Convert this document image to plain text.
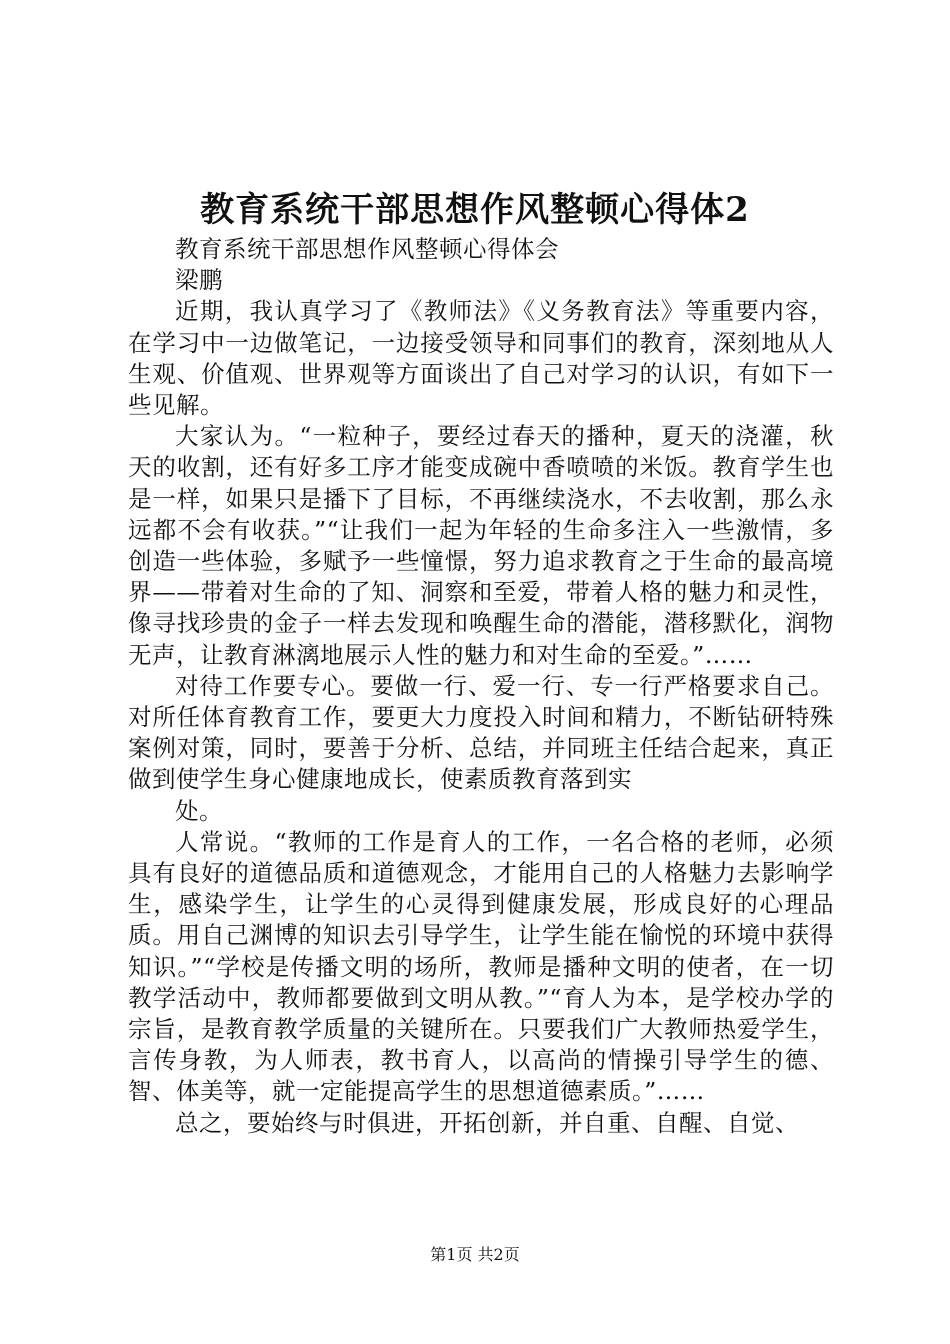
教育系统干部思想作风整顿心得体2

教育系统干部思想作风整顿心得体会

梁鹏

近期，我认真学习了《教师法》《义务教育法》等重要内容，在学习中一边做笔记，一边接受领导和同事们的教育，深刻地从人生观、价值观、世界观等方面谈出了自己对学习的认识，有如下一些见解。

大家认为。“一粒种子，要经过春天的播种，夏天的浇灌，秋天的收割，还有好多工序才能变成碗中香喷喷的米饭。教育学生也是一样，如果只是播下了目标，不再继续浇水，不去收割，那么永远都不会有收获。”“让我们一起为年轻的生命多注入一些激情，多创造一些体验，多赋予一些憧憬，努力追求教育之于生命的最高境界——带着对生命的了知、洞察和至爱，带着人格的魅力和灵性，像寻找珍贵的金子一样去发现和唤醒生命的潜能，潜移默化，润物无声，让教育淋漓地展示人性的魅力和对生命的至爱。”……

对待工作要专心。要做一行、爱一行、专一行严格要求自己。对所任体育教育工作，要更大力度投入时间和精力，不断钻研特殊案例对策，同时，要善于分析、总结，并同班主任结合起来，真正做到使学生身心健康地成长，使素质教育落到实

处。

人常说。“教师的工作是育人的工作，一名合格的老师，必须具有良好的道德品质和道德观念，才能用自己的人格魅力去影响学生，感染学生，让学生的心灵得到健康发展，形成良好的心理品质。用自己渊博的知识去引导学生，让学生能在愉悦的环境中获得知识。”“学校是传播文明的场所，教师是播种文明的使者，在一切教学活动中，教师都要做到文明从教。”“育人为本，是学校办学的宗旨，是教育教学质量的关键所在。只要我们广大教师热爱学生，言传身教，为人师表，教书育人，以高尚的情操引导学生的德、智、体美等，就一定能提高学生的思想道德素质。”……

总之，要始终与时俱进，开拓创新，并自重、自醒、自觉、

第1页 共2页
